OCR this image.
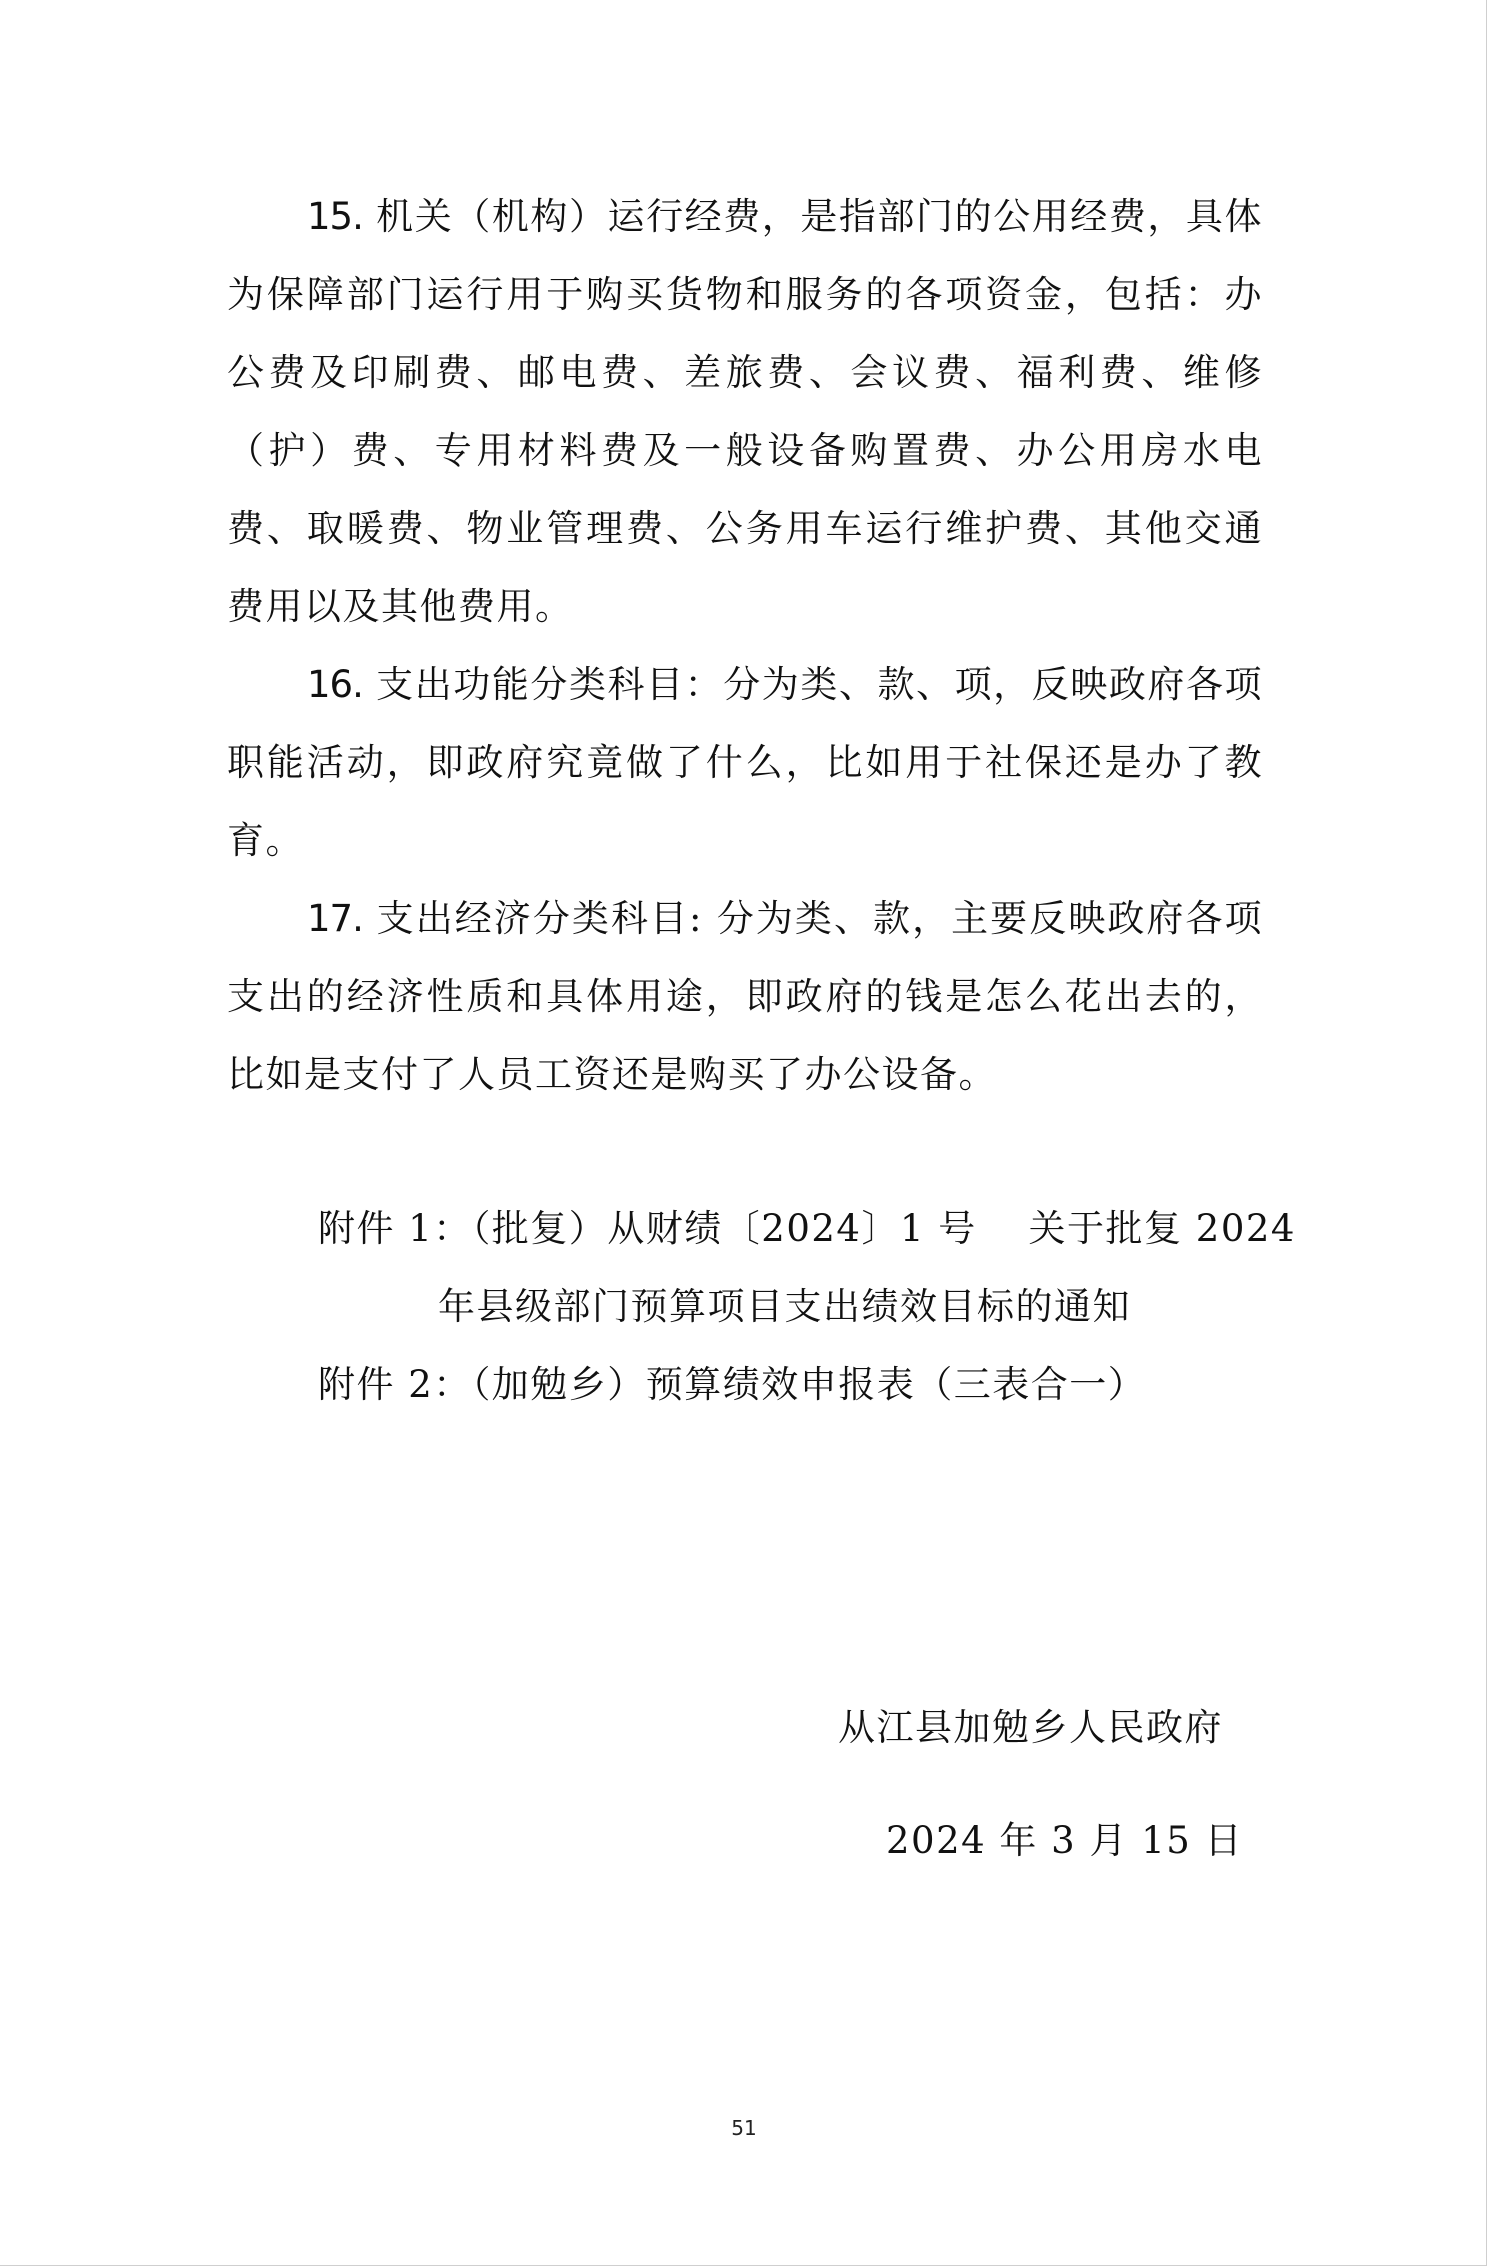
15. 机关（机构）运行经费，是指部门的公用经费，具体为保障部门运行用于购买货物和服务的各项资金，包括：办公费及印刷费、邮电费、差旅费、会议费、福利费、维修（护）费、专用材料费及一般设备购置费、办公用房水电费、取暖费、物业管理费、公务用车运行维护费、其他交通费用以及其他费用。

16. 支出功能分类科目：分为类、款、项，反映政府各项职能活动，即政府究竟做了什么，比如用于社保还是办了教育。

17. 支出经济分类科目: 分为类、款，主要反映政府各项支出的经济性质和具体用途，即政府的钱是怎么花出去的，比如是支付了人员工资还是购买了办公设备。

附件 1：（批复）从财绩〔2024〕1 号　 关于批复 2024
年县级部门预算项目支出绩效目标的通知
附件 2：（加勉乡）预算绩效申报表（三表合一）
从江县加勉乡人民政府
2024 年 3 月 15 日
51
